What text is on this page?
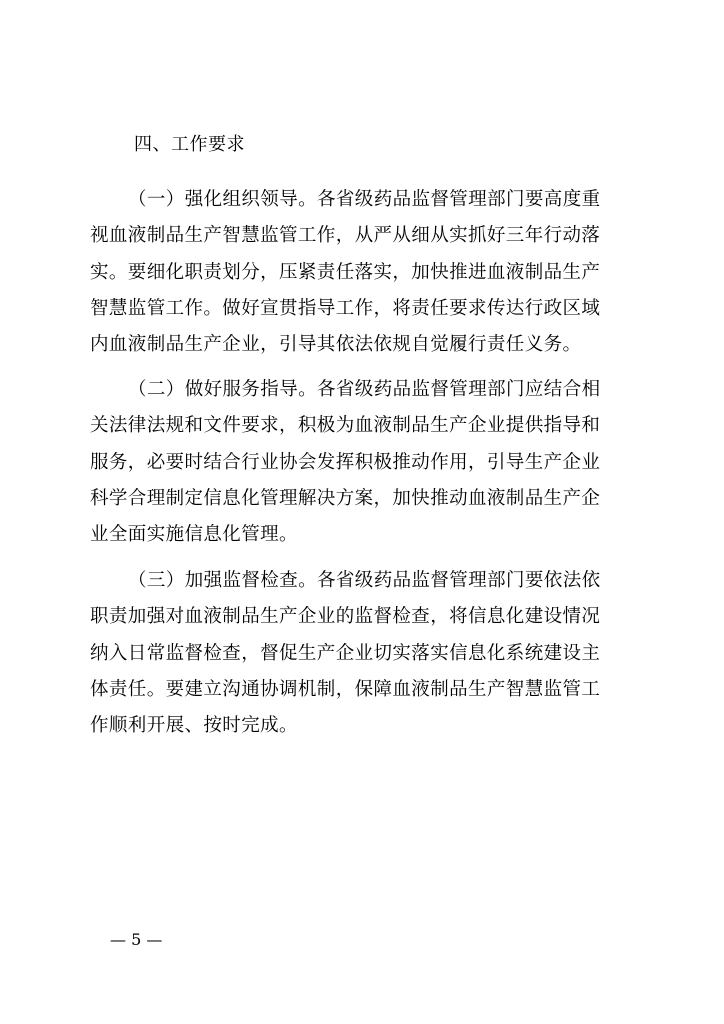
四、工作要求
（一）强化组织领导。各省级药品监督管理部门要高度重
视血液制品生产智慧监管工作，从严从细从实抓好三年行动落
实。要细化职责划分，压紧责任落实，加快推进血液制品生产
智慧监管工作。做好宣贯指导工作，将责任要求传达行政区域
内血液制品生产企业，引导其依法依规自觉履行责任义务。
（二）做好服务指导。各省级药品监督管理部门应结合相
关法律法规和文件要求，积极为血液制品生产企业提供指导和
服务，必要时结合行业协会发挥积极推动作用，引导生产企业
科学合理制定信息化管理解决方案，加快推动血液制品生产企
业全面实施信息化管理。
（三）加强监督检查。各省级药品监督管理部门要依法依
职责加强对血液制品生产企业的监督检查，将信息化建设情况
纳入日常监督检查，督促生产企业切实落实信息化系统建设主
体责任。要建立沟通协调机制，保障血液制品生产智慧监管工
作顺利开展、按时完成。
— 5 —
